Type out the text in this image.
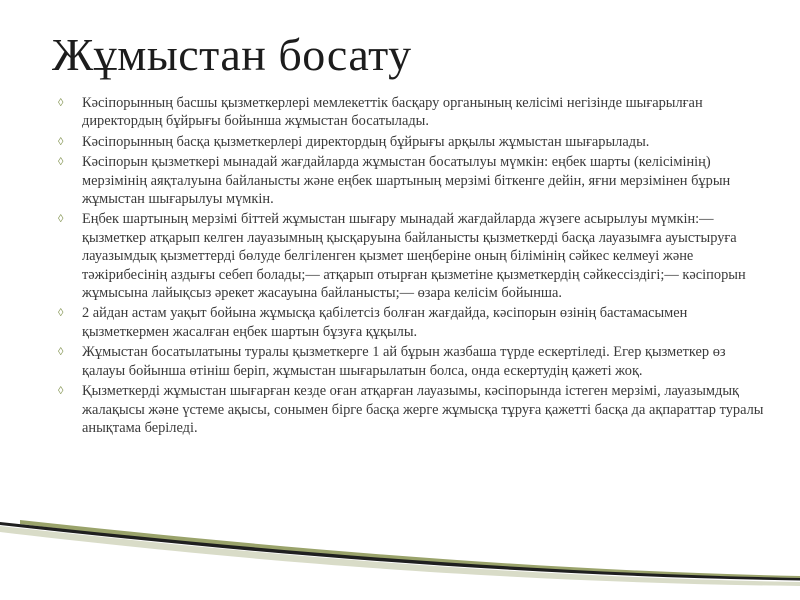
Жұмыстан босату
◊ Кәсіпорынның басшы қызметкерлері мемлекеттік басқару органының келісімі негізінде шығарылған директордың бұйрығы бойынша жұмыстан босатылады.
◊ Кәсіпорынның басқа қызметкерлері директордың бұйрығы арқылы жұмыстан шығарылады.
◊ Кәсіпорын қызметкері мынадай жағдайларда жұмыстан босатылуы мүмкін: еңбек шарты (келісімінің) мерзімінің аяқталуына байланысты және еңбек шартының мерзімі біткенге дейін, яғни мерзімінен бұрын жұмыстан шығарылуы мүмкін.
◊ Еңбек шартының мерзімі біттей жұмыстан шығару мынадай жағдайларда жүзеге асырылуы мүмкін:— қызметкер атқарып келген лауазымның қысқаруына байланысты қызметкерді басқа лауазымға ауыстыруға лауазымдық қызметтерді бөлуде белгіленген қызмет шеңберіне оның білімінің сәйкес келмеуі және тәжірибесінің аздығы себеп болады;— атқарып отырған қызметіне қызметкердің сәйкессіздігі;— кәсіпорын жұмысына лайықсыз әрекет жасауына байланысты;— өзара келісім бойынша.
◊ 2 айдан астам уақыт бойына жұмысқа қабілетсіз болған жағдайда, кәсіпорын өзінің бастамасымен қызметкермен жасалған еңбек шартын бұзуға құқылы.
◊ Жұмыстан босатылатыны туралы қызметкерге 1 ай бұрын жазбаша түрде ескертіледі. Егер қызметкер өз қалауы бойынша өтініш беріп, жұмыстан шығарылатын болса, онда ескертудің қажеті жоқ.
◊ Қызметкерді жұмыстан шығарған кезде оған атқарған лауазымы, кәсіпорында істеген мерзімі, лауазымдық жалақысы және үстеме ақысы, сонымен бірге басқа жерге жұмысқа тұруға қажетті басқа да ақпараттар туралы анықтама беріледі.
